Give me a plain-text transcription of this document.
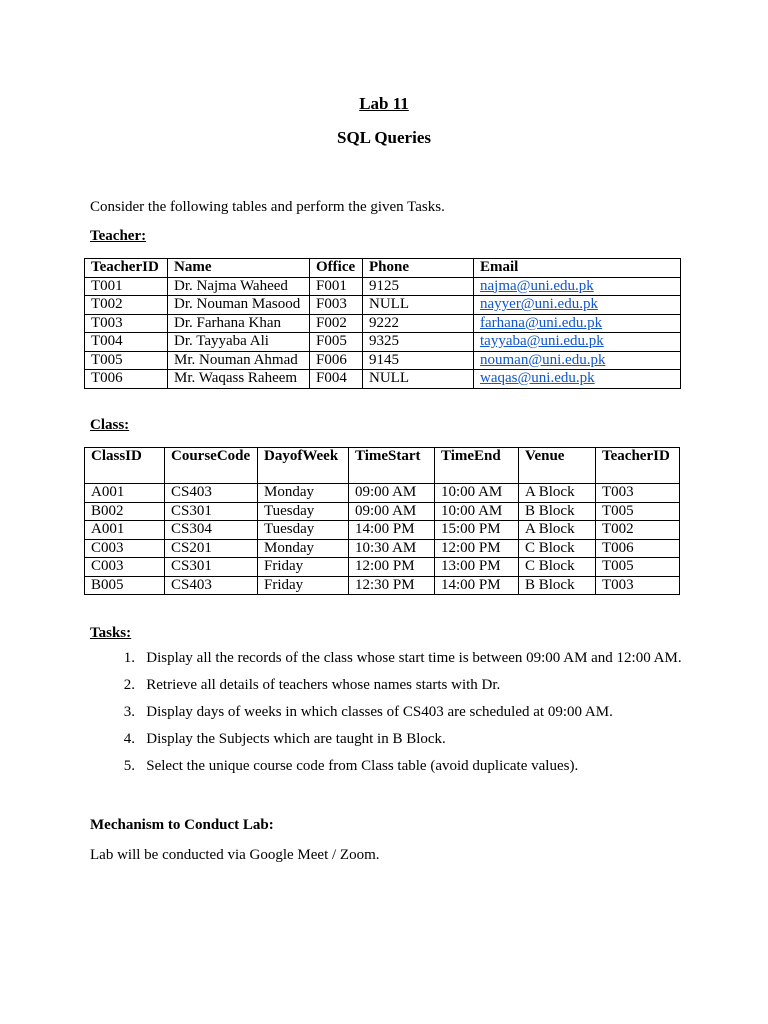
Lab 11
SQL Queries
Consider the following tables and perform the given Tasks.
Teacher:
TeacherID	Name	Office	Phone	Email
T001	Dr. Najma Waheed	F001	9125	najma@uni.edu.pk
T002	Dr. Nouman Masood	F003	NULL	nayyer@uni.edu.pk
T003	Dr. Farhana Khan	F002	9222	farhana@uni.edu.pk
T004	Dr. Tayyaba Ali	F005	9325	tayyaba@uni.edu.pk
T005	Mr. Nouman Ahmad	F006	9145	nouman@uni.edu.pk
T006	Mr. Waqass Raheem	F004	NULL	waqas@uni.edu.pk
Class:
ClassID	CourseCode	DayofWeek	TimeStart	TimeEnd	Venue	TeacherID
A001	CS403	Monday	09:00 AM	10:00 AM	A Block	T003
B002	CS301	Tuesday	09:00 AM	10:00 AM	B Block	T005
A001	CS304	Tuesday	14:00 PM	15:00 PM	A Block	T002
C003	CS201	Monday	10:30 AM	12:00 PM	C Block	T006
C003	CS301	Friday	12:00 PM	13:00 PM	C Block	T005
B005	CS403	Friday	12:30 PM	14:00 PM	B Block	T003
Tasks:
1. Display all the records of the class whose start time is between 09:00 AM and 12:00 AM.
2. Retrieve all details of teachers whose names starts with Dr.
3. Display days of weeks in which classes of CS403 are scheduled at 09:00 AM.
4. Display the Subjects which are taught in B Block.
5. Select the unique course code from Class table (avoid duplicate values).
Mechanism to Conduct Lab:
Lab will be conducted via Google Meet / Zoom.
